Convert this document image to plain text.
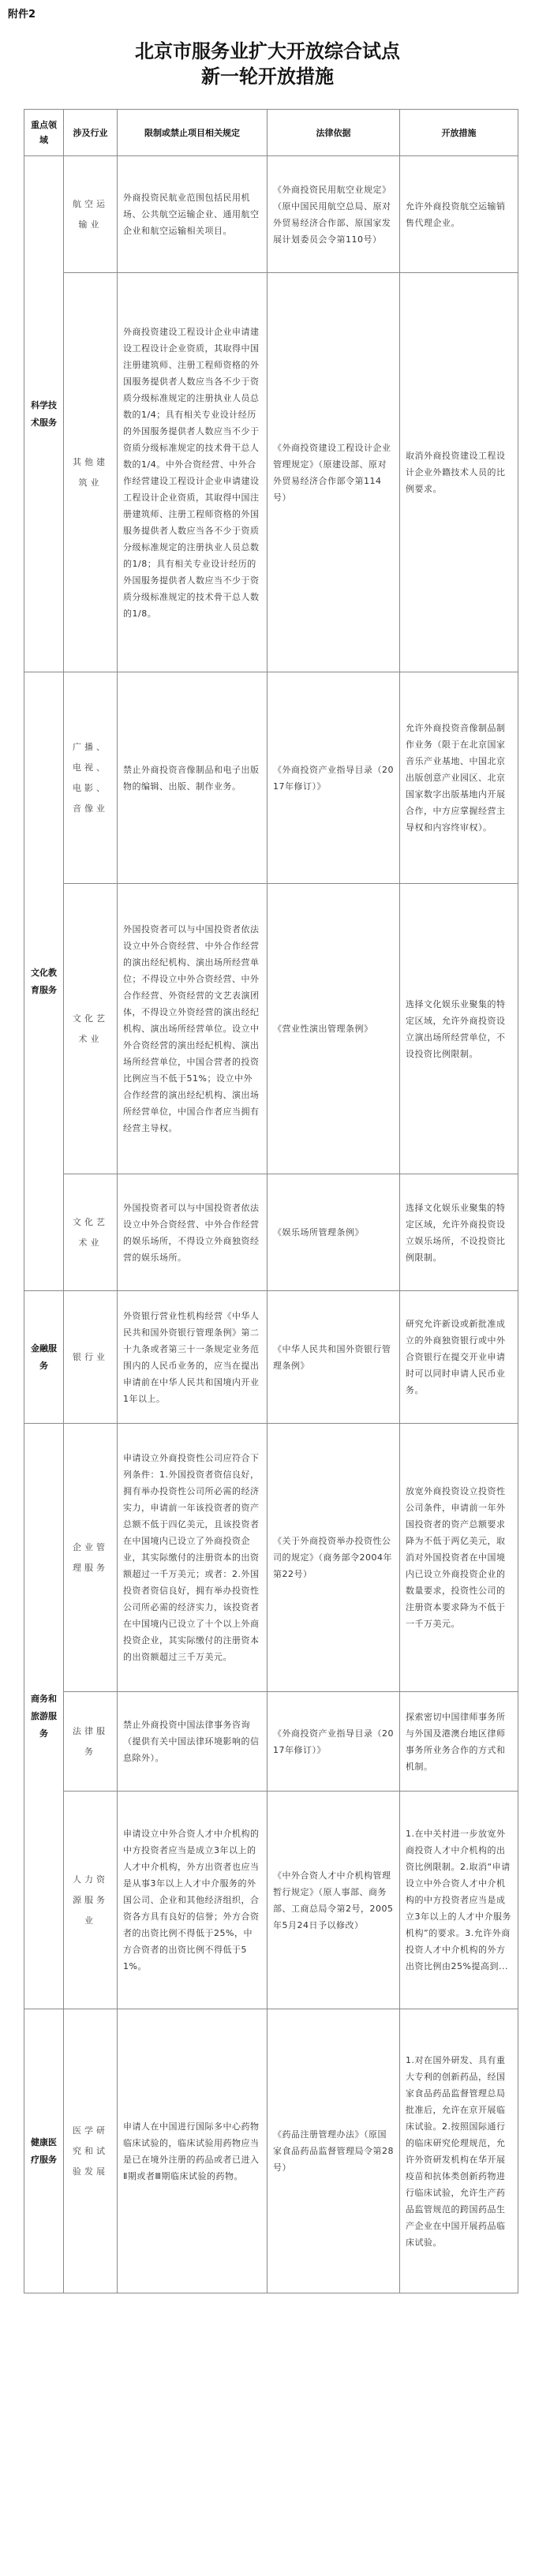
附件2
北京市服务业扩大开放综合试点
新一轮开放措施
重点领域	涉及行业	限制或禁止项目相关规定	法律依据	开放措施
科学技术服务	航空运输业	外商投资民航业范围包括民用机场、公共航空运输企业、通用航空企业和航空运输相关项目。	《外商投资民用航空业规定》（原中国民用航空总局、原对外贸易经济合作部、原国家发展计划委员会令第110号）	允许外商投资航空运输销售代理企业。
	其他建筑业	外商投资建设工程设计企业申请建设工程设计企业资质，其取得中国注册建筑师、注册工程师资格的外国服务提供者人数应当各不少于资质分级标准规定的注册执业人员总数的1/4；具有相关专业设计经历的外国服务提供者人数应当不少于资质分级标准规定的技术骨干总人数的1/4。中外合资经营、中外合作经营建设工程设计企业申请建设工程设计企业资质，其取得中国注册建筑师、注册工程师资格的外国服务提供者人数应当各不少于资质分级标准规定的注册执业人员总数的1/8；具有相关专业设计经历的外国服务提供者人数应当不少于资质分级标准规定的技术骨干总人数的1/8。	《外商投资建设工程设计企业管理规定》（原建设部、原对外贸易经济合作部令第114号）	取消外商投资建设工程设计企业外籍技术人员的比例要求。
文化教育服务	广播、电视、电影、音像业	禁止外商投资音像制品和电子出版物的编辑、出版、制作业务。	《外商投资产业指导目录（2017年修订）》	允许外商投资音像制品制作业务（限于在北京国家音乐产业基地、中国北京出版创意产业园区、北京国家数字出版基地内开展合作，中方应掌握经营主导权和内容终审权）。
	文化艺术业	外国投资者可以与中国投资者依法设立中外合资经营、中外合作经营的演出经纪机构、演出场所经营单位；不得设立中外合资经营、中外合作经营、外资经营的文艺表演团体，不得设立外资经营的演出经纪机构、演出场所经营单位。设立中外合资经营的演出经纪机构、演出场所经营单位，中国合营者的投资比例应当不低于51%；设立中外合作经营的演出经纪机构、演出场所经营单位，中国合作者应当拥有经营主导权。	《营业性演出管理条例》	选择文化娱乐业聚集的特定区域，允许外商投资设立演出场所经营单位，不设投资比例限制。
	文化艺术业	外国投资者可以与中国投资者依法设立中外合资经营、中外合作经营的娱乐场所，不得设立外商独资经营的娱乐场所。	《娱乐场所管理条例》	选择文化娱乐业聚集的特定区域，允许外商投资设立娱乐场所，不设投资比例限制。
金融服务	银行业	外资银行营业性机构经营《中华人民共和国外资银行管理条例》第二十九条或者第三十一条规定业务范围内的人民币业务的，应当在提出申请前在中华人民共和国境内开业1年以上。	《中华人民共和国外资银行管理条例》	研究允许新设或新批准成立的外商独资银行或中外合资银行在提交开业申请时可以同时申请人民币业务。
商务和旅游服务	企业管理服务	申请设立外商投资性公司应符合下列条件：1.外国投资者资信良好，拥有举办投资性公司所必需的经济实力，申请前一年该投资者的资产总额不低于四亿美元，且该投资者在中国境内已设立了外商投资企业，其实际缴付的注册资本的出资额超过一千万美元；或者：2.外国投资者资信良好，拥有举办投资性公司所必需的经济实力，该投资者在中国境内已设立了十个以上外商投资企业，其实际缴付的注册资本的出资额超过三千万美元。	《关于外商投资举办投资性公司的规定》（商务部令2004年第22号）	放宽外商投资设立投资性公司条件，申请前一年外国投资者的资产总额要求降为不低于两亿美元，取消对外国投资者在中国境内已设立外商投资企业的数量要求，投资性公司的注册资本要求降为不低于一千万美元。
	法律服务	禁止外商投资中国法律事务咨询（提供有关中国法律环境影响的信息除外）。	《外商投资产业指导目录（2017年修订）》	探索密切中国律师事务所与外国及港澳台地区律师事务所业务合作的方式和机制。
	人力资源服务业	申请设立中外合资人才中介机构的中方投资者应当是成立3年以上的人才中介机构，外方出资者也应当是从事3年以上人才中介服务的外国公司、企业和其他经济组织，合资各方具有良好的信誉；外方合资者的出资比例不得低于25%，中方合资者的出资比例不得低于51%。	《中外合资人才中介机构管理暂行规定》（原人事部、商务部、工商总局令第2号，2005年5月24日予以修改）	1.在中关村进一步放宽外商投资人才中介机构的出资比例限制。2.取消“申请设立中外合资人才中介机构的中方投资者应当是成立3年以上的人才中介服务机构”的要求。3.允许外商投资人才中介机构的外方出资比例由25%提高到...
健康医疗服务	医学研究和试验发展	申请人在中国进行国际多中心药物临床试验的，临床试验用药物应当是已在境外注册的药品或者已进入Ⅱ期或者Ⅲ期临床试验的药物。	《药品注册管理办法》（原国家食品药品监督管理局令第28号）	1.对在国外研发、具有重大专利的创新药品，经国家食品药品监督管理总局批准后，允许在京开展临床试验。2.按照国际通行的临床研究伦理规范，允许外资研发机构在华开展疫苗和抗体类创新药物进行临床试验，允许生产药品监管规范的跨国药品生产企业在中国开展药品临床试验。
